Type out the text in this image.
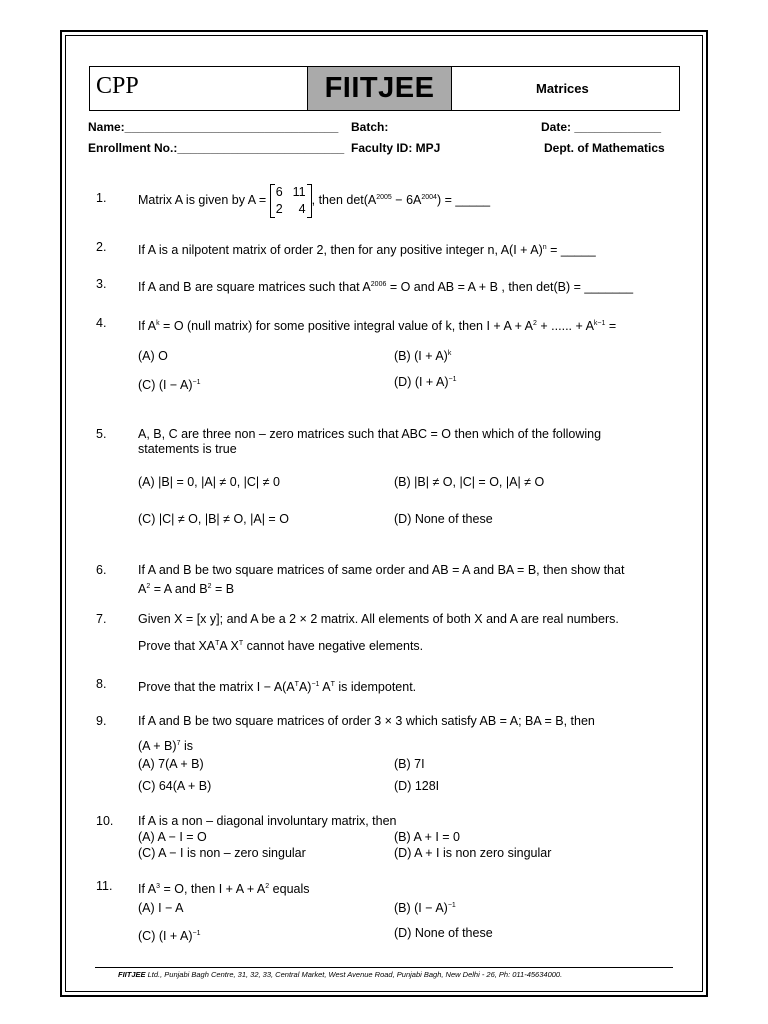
CPP	FIITJEE	Matrices
Name:________________________________ Batch:	Date: _____________
Enrollment No.:_________________________ Faculty ID: MPJ	Dept. of Mathematics
1.	Matrix A is given by A =
6 11
2 4
, then $\det(A^{2005} - 6A^{2004})$ = _____
2.	If A is a nilpotent matrix of order 2, then for any positive integer n, $A(I + A)^n$ = _____
3.	If A and B are square matrices such that $A^{2006} = O$ and AB = A + B , then det(B) = _______
4.	If $A^k = O$ (null matrix) for some positive integral value of k, then $I + A + A^2$ + ...... + $A^{k-1}$ =
(A) O	(B) $(I + A)^k$
(C) $(I - A)^{-1}$	(D) $(I + A)^{-1}$
5.	A, B, C are three non – zero matrices such that ABC = O then which of the following
statements is true
(A) |B| = 0, |A| ≠ 0, |C| ≠ 0	(B) |B| ≠ O, |C| = O, |A| ≠ O
(C) |C| ≠ O, |B| ≠ O, |A| = O	(D) None of these
6.	If A and B be two square matrices of same order and AB = A and BA = B, then show that
$A^2 = A$ and $B^2 = B$
7.	Given X = [x y]; and A be a 2 × 2 matrix. All elements of both X and A are real numbers.
Prove that $XA^TA$ $X^T$ cannot have negative elements.
8.	Prove that the matrix $I - A(A^TA)^{-1}$ $A^T$ is idempotent.
9.	If A and B be two square matrices of order 3 × 3 which satisfy AB = A; BA = B, then
$(A + B)^7$ is
(A) 7(A + B)	(B) 7I
(C) 64(A + B)	(D) 128I
10. If A is a non – diagonal involuntary matrix, then
(A) A − I = O	(B) A + I = 0
(C) A − I is non – zero singular	(D) A + I is non zero singular
11. If $A^3 = O$, then $I + A + A^2$ equals
(A) I − A	(B) $(I - A)^{-1}$
(C) $(I + A)^{-1}$	(D) None of these
FIITJEE Ltd., Punjabi Bagh Centre, 31, 32, 33, Central Market, West Avenue Road, Punjabi Bagh, New Delhi - 26, Ph: 011-45634000.
